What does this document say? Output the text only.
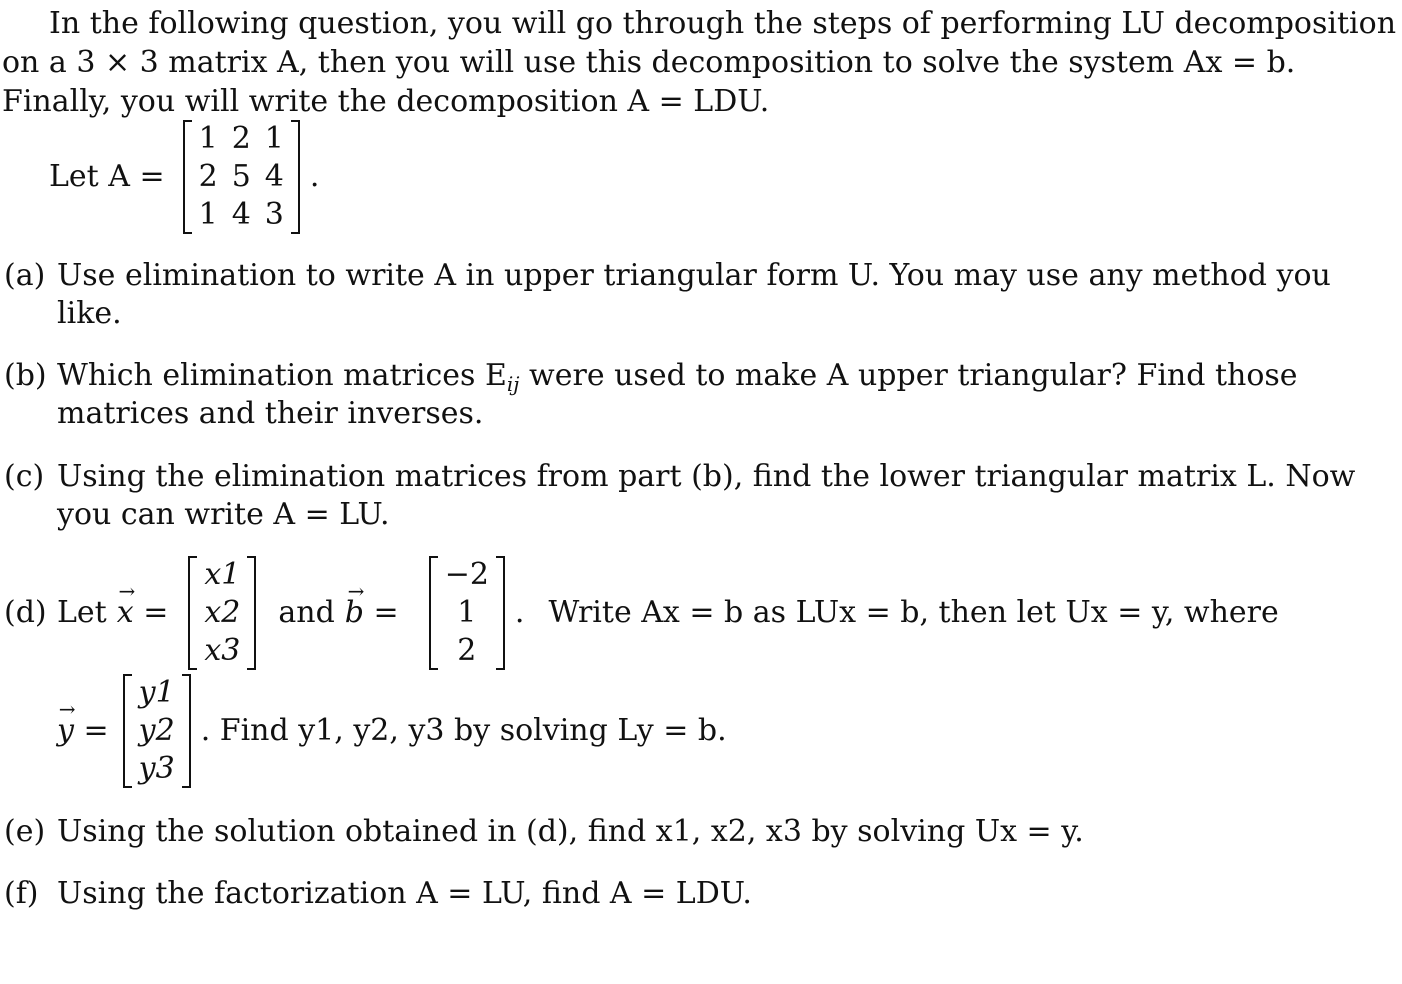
In the following question, you will go through the steps of performing LU decomposition
on a 3 × 3 matrix A, then you will use this decomposition to solve the system Ax = b.
Finally, you will write the decomposition A = LDU.
Let A =
1	2	1
2	5	4
1	4	3
.
(a) Use elimination to write A in upper triangular form U. You may use any method you
like.
(b) Which elimination matrices $E_{ij}$ were used to make A upper triangular? Find those
matrices and their inverses.
(c) Using the elimination matrices from part (b), find the lower triangular matrix L. Now
you can write A = LU.
(d) Let x → =
x1
x2
x3
and b → =
−2
1
2
. Write Ax = b as LUx = b, then let Ux = y, where
y → =
y1
y2
y3
. Find y1, y2, y3 by solving Ly = b.
(e) Using the solution obtained in (d), find x1, x2, x3 by solving Ux = y.
(f) Using the factorization A = LU, find A = LDU.
